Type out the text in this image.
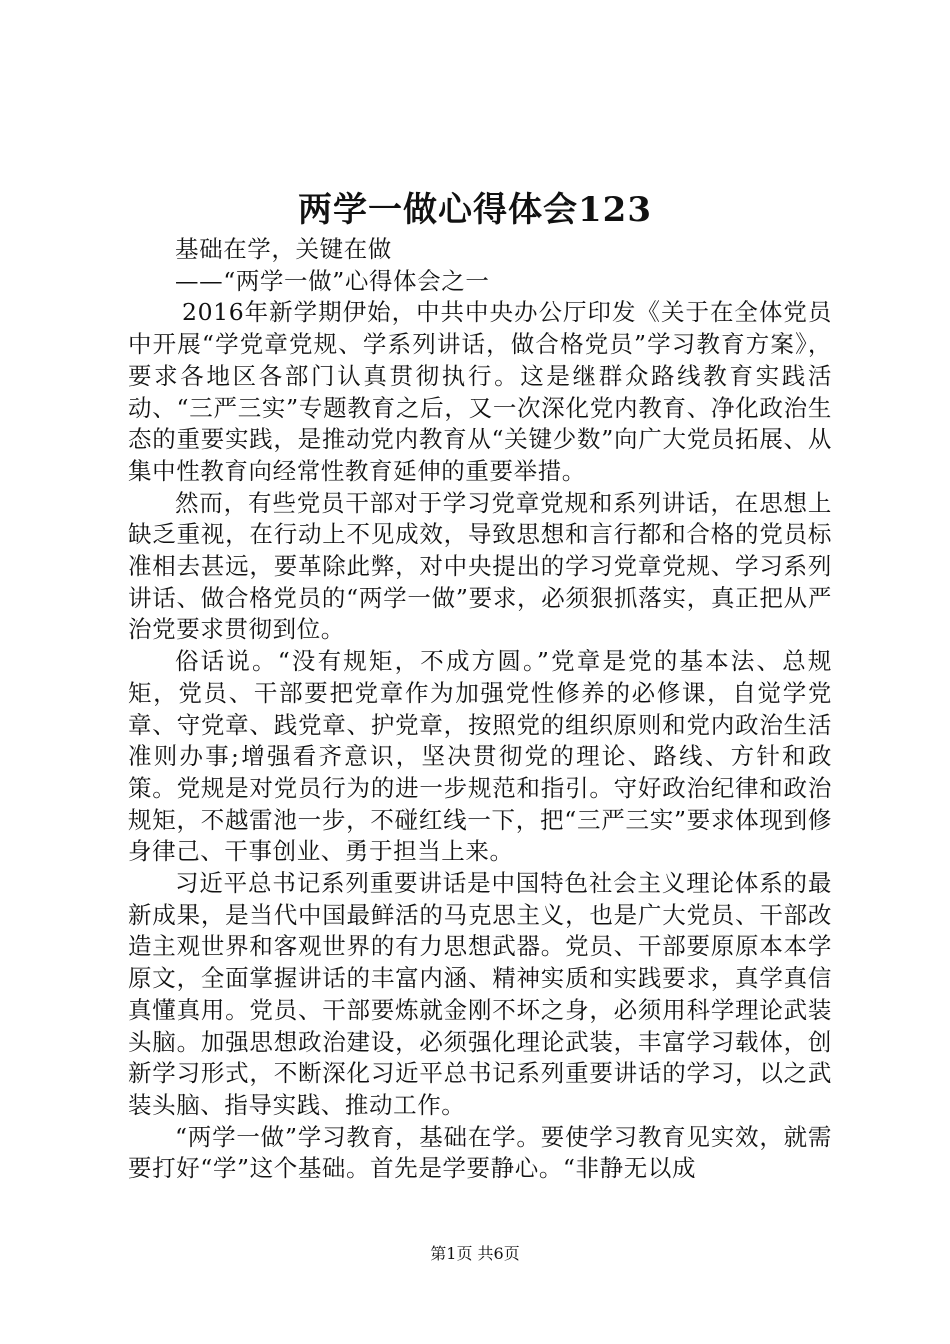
两学一做心得体会123

基础在学，关键在做

——“两学一做”心得体会之一

2016年新学期伊始，中共中央办公厅印发《关于在全体党员中开展“学党章党规、学系列讲话，做合格党员”学习教育方案》，要求各地区各部门认真贯彻执行。这是继群众路线教育实践活动、“三严三实”专题教育之后，又一次深化党内教育、净化政治生态的重要实践，是推动党内教育从“关键少数”向广大党员拓展、从集中性教育向经常性教育延伸的重要举措。

然而，有些党员干部对于学习党章党规和系列讲话，在思想上缺乏重视，在行动上不见成效，导致思想和言行都和合格的党员标准相去甚远，要革除此弊，对中央提出的学习党章党规、学习系列讲话、做合格党员的“两学一做”要求，必须狠抓落实，真正把从严治党要求贯彻到位。

俗话说。“没有规矩，不成方圆。”党章是党的基本法、总规矩，党员、干部要把党章作为加强党性修养的必修课，自觉学党章、守党章、践党章、护党章，按照党的组织原则和党内政治生活准则办事;增强看齐意识，坚决贯彻党的理论、路线、方针和政策。党规是对党员行为的进一步规范和指引。守好政治纪律和政治规矩，不越雷池一步，不碰红线一下，把“三严三实”要求体现到修身律己、干事创业、勇于担当上来。

习近平总书记系列重要讲话是中国特色社会主义理论体系的最新成果，是当代中国最鲜活的马克思主义，也是广大党员、干部改造主观世界和客观世界的有力思想武器。党员、干部要原原本本学原文，全面掌握讲话的丰富内涵、精神实质和实践要求，真学真信真懂真用。党员、干部要炼就金刚不坏之身，必须用科学理论武装头脑。加强思想政治建设，必须强化理论武装，丰富学习载体，创新学习形式，不断深化习近平总书记系列重要讲话的学习，以之武装头脑、指导实践、推动工作。

“两学一做”学习教育，基础在学。要使学习教育见实效，就需要打好“学”这个基础。首先是学要静心。“非静无以成

第1页 共6页
